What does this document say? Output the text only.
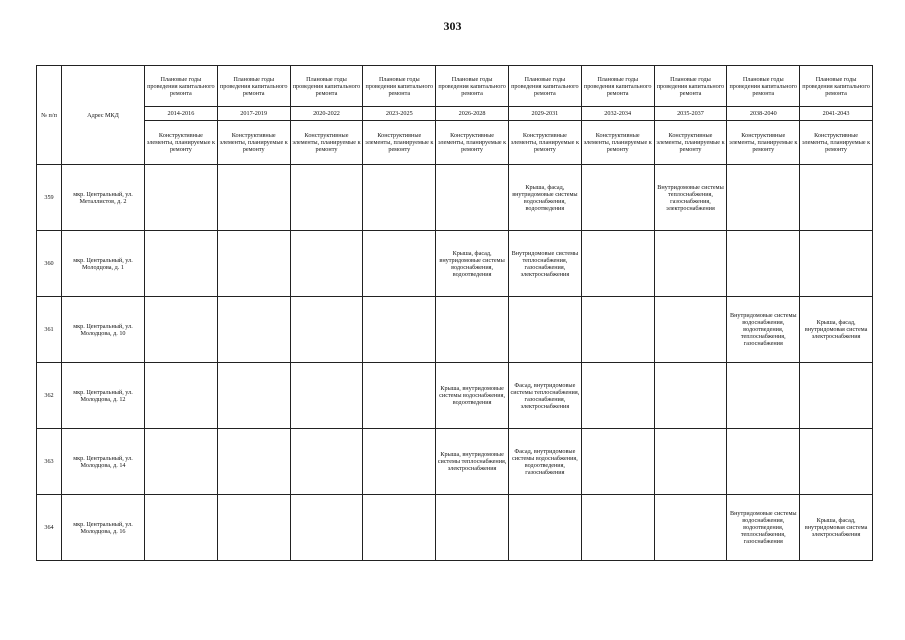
303
№ п/п	Адрес МКД	Плановые годы проведения капитального ремонта	Плановые годы проведения капитального ремонта	Плановые годы проведения капитального ремонта	Плановые годы проведения капитального ремонта	Плановые годы проведения капитального ремонта	Плановые годы проведения капитального ремонта	Плановые годы проведения капитального ремонта	Плановые годы проведения капитального ремонта	Плановые годы проведения капитального ремонта	Плановые годы проведения капитального ремонта
		2014-2016	2017-2019	2020-2022	2023-2025	2026-2028	2029-2031	2032-2034	2035-2037	2038-2040	2041-2043
		Конструктивные элементы, планируемые к ремонту	Конструктивные элементы, планируемые к ремонту	Конструктивные элементы, планируемые к ремонту	Конструктивные элементы, планируемые к ремонту	Конструктивные элементы, планируемые к ремонту	Конструктивные элементы, планируемые к ремонту	Конструктивные элементы, планируемые к ремонту	Конструктивные элементы, планируемые к ремонту	Конструктивные элементы, планируемые к ремонту	Конструктивные элементы, планируемые к ремонту
359	мкр. Центральный, ул. Металлистов, д. 2						Крыша, фасад, внутридомовые системы водоснабжения, водоотведения		Внутридомовые системы теплоснабжения, газоснабжения, электроснабжения		
360	мкр. Центральный, ул. Молодцова, д. 1					Крыша, фасад, внутридомовые системы водоснабжения, водоотведения	Внутридомовые системы теплоснабжения, газоснабжения, электроснабжения				
361	мкр. Центральный, ул. Молодцова, д. 10									Внутридомовые системы водоснабжения, водоотведения, теплоснабжения, газоснабжения	Крыша, фасад, внутридомовая система электроснабжения
362	мкр. Центральный, ул. Молодцова, д. 12					Крыша, внутридомовые системы водоснабжения, водоотведения	Фасад, внутридомовые системы теплоснабжения, газоснабжения, электроснабжения				
363	мкр. Центральный, ул. Молодцова, д. 14					Крыша, внутридомовые системы теплоснабжения, электроснабжения	Фасад, внутридомовые системы водоснабжения, водоотведения, газоснабжения				
364	мкр. Центральный, ул. Молодцова, д. 16									Внутридомовые системы водоснабжения, водоотведения, теплоснабжения, газоснабжения	Крыша, фасад, внутридомовая система электроснабжения
